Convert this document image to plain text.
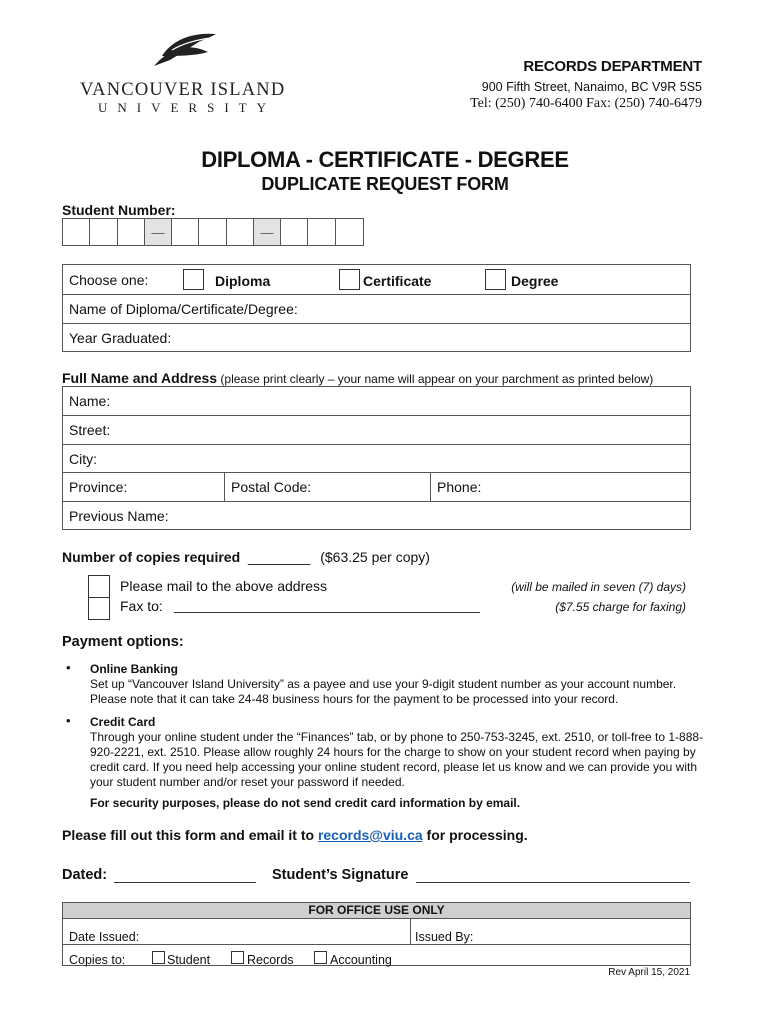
VANCOUVER ISLAND
UNIVERSITY
RECORDS DEPARTMENT
900 Fifth Street, Nanaimo, BC V9R 5S5
Tel: (250) 740-6400 Fax: (250) 740-6479
DIPLOMA - CERTIFICATE - DEGREE
DUPLICATE REQUEST FORM
Student Number:
—	—
Choose one:	Diploma	Certificate	Degree
Name of Diploma/Certificate/Degree:
Year Graduated:
Full Name and Address (please print clearly – your name will appear on your parchment as printed below)
Name:
Street:
City:
Province:	Postal Code:	Phone:
Previous Name:
Number of copies required ________ ($63.25 per copy)
Please mail to the above address
Fax to:
(will be mailed in seven (7) days)
($7.55 charge for faxing)
Payment options:
• Online Banking
Set up “Vancouver Island University” as a payee and use your 9-digit student number as your account number. Please note that it can take 24-48 business hours for the payment to be processed into your record.
• Credit Card
Through your online student under the “Finances” tab, or by phone to 250-753-3245, ext. 2510, or toll-free to 1-888-920-2221, ext. 2510. Please allow roughly 24 hours for the charge to show on your student record when paying by credit card. If you need help accessing your online student record, please let us know and we can provide you with your student number and/or reset your password if needed.
For security purposes, please do not send credit card information by email.
Please fill out this form and email it to records@viu.ca for processing.
Dated:	Student’s Signature
FOR OFFICE USE ONLY
Date Issued:	Issued By:
Copies to:	Student	Records	Accounting
Rev April 15, 2021
